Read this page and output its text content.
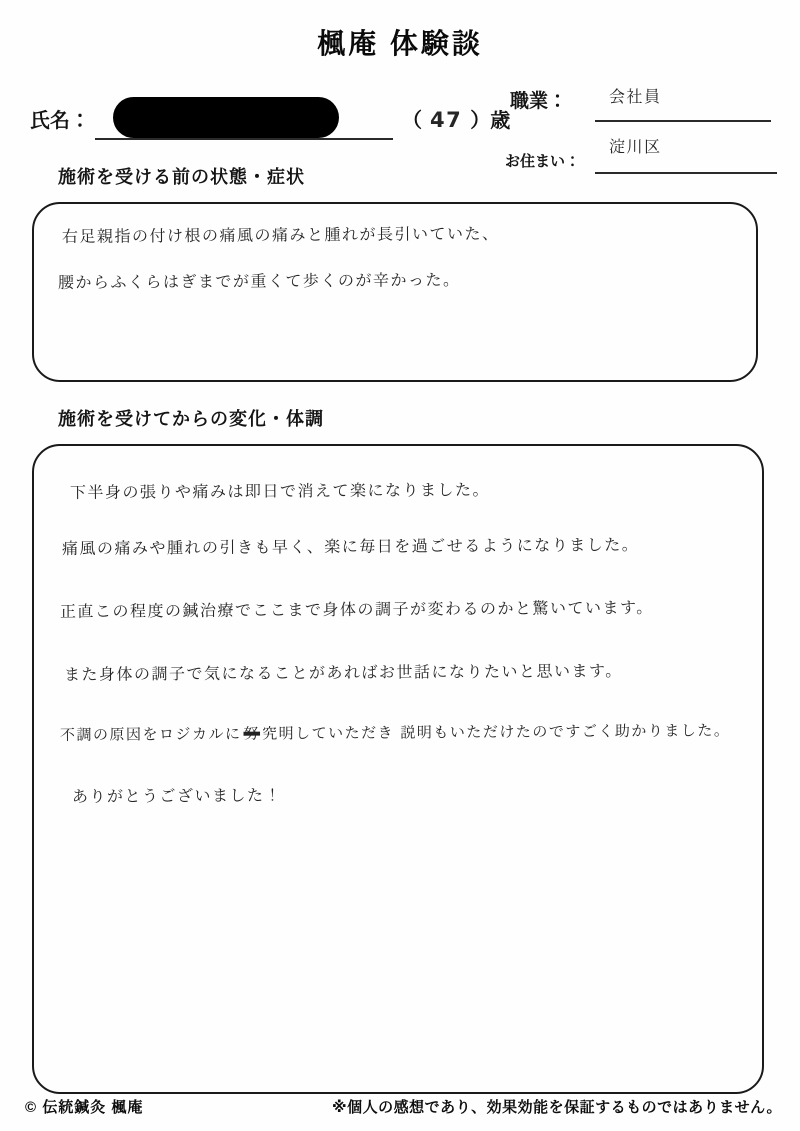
楓庵 体験談
氏名：	（ 47 ）歳
職業：	会社員
お住まい：
淀川区
施術を受ける前の状態・症状
右足親指の付け根の痛風の痛みと腫れが長引いていた、
腰からふくらはぎまでが重くて歩くのが辛かった。
施術を受けてからの変化・体調
下半身の張りや痛みは即日で消えて楽になりました。
痛風の痛みや腫れの引きも早く、楽に毎日を過ごせるようになりました。
正直この程度の鍼治療でここまで身体の調子が変わるのかと驚いています。
また身体の調子で気になることがあればお世話になりたいと思います。
不調の原因をロジカルに 努 究明していただき 説明もいただけたのですごく助かりました。
ありがとうございました！
© 伝統鍼灸 楓庵	※個人の感想であり、効果効能を保証するものではありません。
